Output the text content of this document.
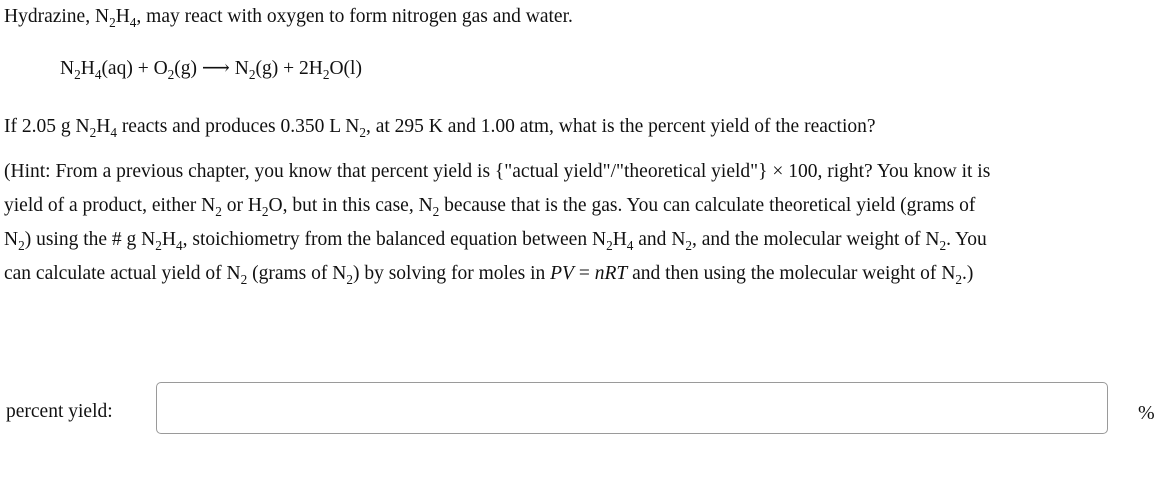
Hydrazine, $N_2H_4$, may react with oxygen to form nitrogen gas and water.
$N_2H_4(aq) + O_2(g)$ ⟶ $N_2(g) + 2H_2O(l)$
If 2.05 g $N_2H_4$ reacts and produces 0.350 L $N_2$, at 295 K and 1.00 atm, what is the percent yield of the reaction?
(Hint: From a previous chapter, you know that percent yield is {"actual yield"/"theoretical yield"} × 100, right? You know it is
yield of a product, either $N_2$ or $H_2O$, but in this case, $N_2$ because that is the gas. You can calculate theoretical yield (grams of
$N_2$) using the # g $N_2H_4$, stoichiometry from the balanced equation between $N_2H_4$ and $N_2$, and the molecular weight of $N_2$. You
can calculate actual yield of $N_2$ (grams of $N_2$) by solving for moles in PV = nRT and then using the molecular weight of $N_2$.)
percent yield:	%
